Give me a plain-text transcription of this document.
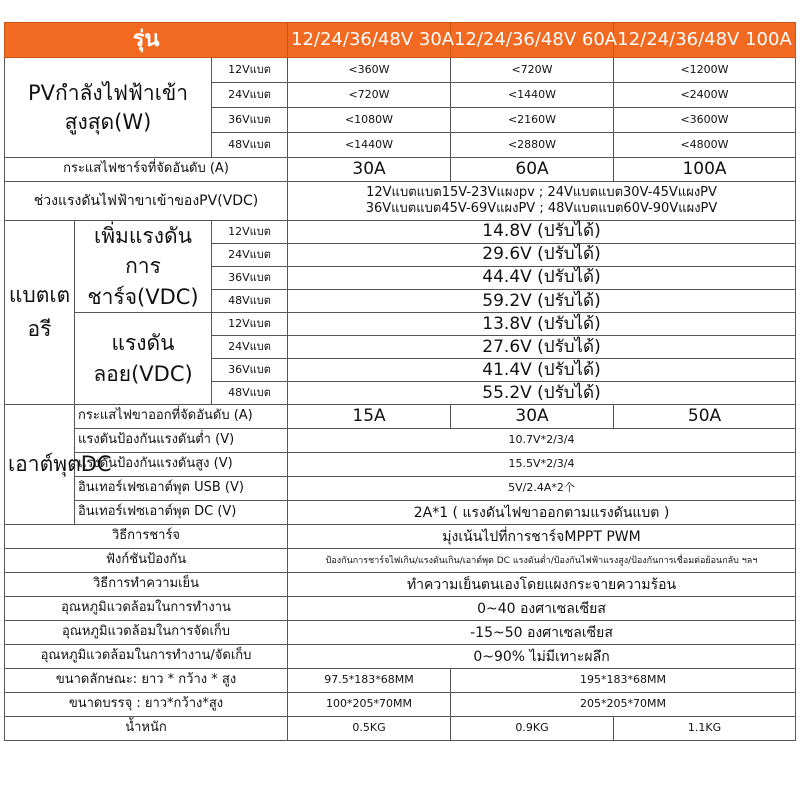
รุ่น			12/24/36/48V 30A	12/24/36/48V 60A	12/24/36/48V 100A
PVกำลังไฟฟ้าเข้าสูงสุด(W)		12Vแบต	<360W	<720W	<1200W
		24Vแบต	<720W	<1440W	<2400W
		36Vแบต	<1080W	<2160W	<3600W
		48Vแบต	<1440W	<2880W	<4800W
กระแสไฟชาร์จที่จัดอันดับ (A)			30A	60A	100A
ช่วงแรงดันไฟฟ้าขาเข้าของPV(VDC)			12Vแบตแบต15V-23Vแผงpv ; 24Vแบตแบต30V-45VแผงPV
36Vแบตแบต45V-69VแผงPV ; 48Vแบตแบต60V-90VแผงPV		

แบตเตอรี	เพิ่มแรงดันการชาร์จ(VDC)	12Vแบต	14.8V (ปรับได้)		
		24Vแบต	29.6V (ปรับได้)		
		36Vแบต	44.4V (ปรับได้)		
		48Vแบต	59.2V (ปรับได้)		
	แรงดันลอย(VDC)	12Vแบต	13.8V (ปรับได้)		
		24Vแบต	27.6V (ปรับได้)		
		36Vแบต	41.4V (ปรับได้)		
		48Vแบต	55.2V (ปรับได้)		
เอาต์พุตDC	กระแสไฟขาออกที่จัดอันดับ (A)		15A	30A	50A
	แรงดันป้องกันแรงดันต่ำ (V)		10.7V*2/3/4		
	แรงดันป้องกันแรงดันสูง (V)		15.5V*2/3/4		
	อินเทอร์เฟซเอาต์พุต USB (V)		5V/2.4A*2个		
	อินเทอร์เฟซเอาต์พุต DC (V)		2A*1 ( แรงดันไฟขาออกตามแรงดันแบต )		
วิธีการชาร์จ			มุ่งเน้นไปที่การชาร์จMPPT PWM		
ฟังก์ชันป้องกัน			ป้องกันการชาร์จไฟเกิน/แรงดันเกิน/เอาต์พุต DC แรงดันต่ำ/ป้องกันไฟฟ้าแรงสูง/ป้องกันการเชื่อมต่อย้อนกลับ ฯลฯ		
วิธีการทำความเย็น			ทำความเย็นตนเองโดยแผงกระจายความร้อน		
อุณหภูมิแวดล้อมในการทำงาน			0~40 องศาเซลเซียส		
อุณหภูมิแวดล้อมในการจัดเก็บ			-15~50 องศาเซลเซียส		
อุณหภูมิแวดล้อมในการทำงาน/จัดเก็บ			0~90% ไม่มีเทาะผลึก		
ขนาดลักษณะ: ยาว * กว้าง * สูง			97.5*183*68MM	195*183*68MM	
ขนาดบรรจุ : ยาว*กว้าง*สูง			100*205*70MM	205*205*70MM	
น้ำหนัก			0.5KG	0.9KG	1.1KG
